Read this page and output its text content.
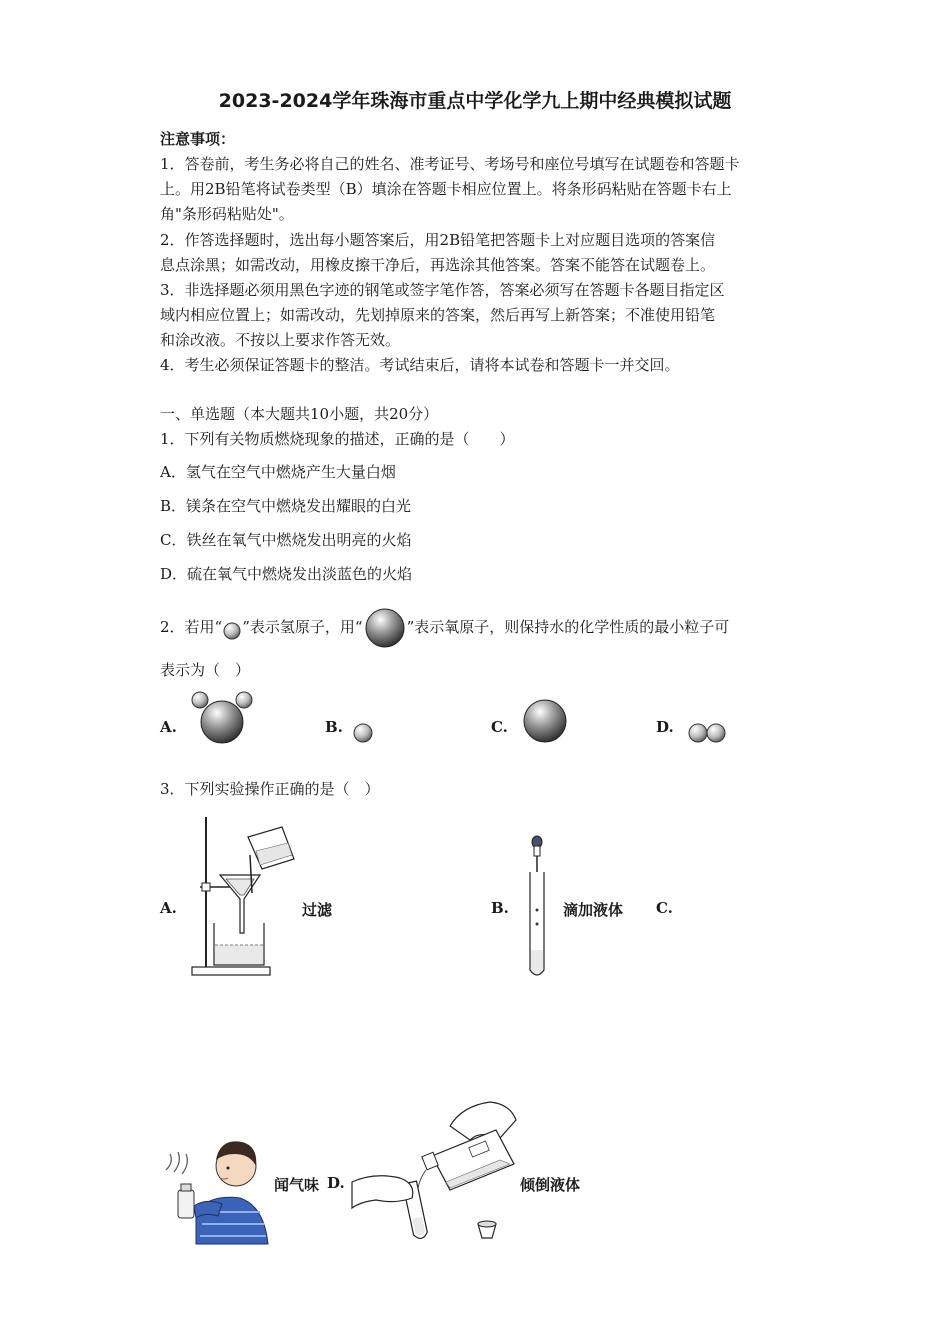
2023-2024学年珠海市重点中学化学九上期中经典模拟试题
注意事项：
1．答卷前，考生务必将自己的姓名、准考证号、考场号和座位号填写在试题卷和答题卡
上。用2B铅笔将试卷类型（B）填涂在答题卡相应位置上。将条形码粘贴在答题卡右上
角"条形码粘贴处"。
2．作答选择题时，选出每小题答案后，用2B铅笔把答题卡上对应题目选项的答案信
息点涂黑；如需改动，用橡皮擦干净后，再选涂其他答案。答案不能答在试题卷上。
3．非选择题必须用黑色字迹的钢笔或签字笔作答，答案必须写在答题卡各题目指定区
域内相应位置上；如需改动，先划掉原来的答案，然后再写上新答案；不准使用铅笔
和涂改液。不按以上要求作答无效。
4．考生必须保证答题卡的整洁。考试结束后，请将本试卷和答题卡一并交回。
一、单选题（本大题共10小题，共20分）
1．下列有关物质燃烧现象的描述，正确的是（　　）
A．氢气在空气中燃烧产生大量白烟
B．镁条在空气中燃烧发出耀眼的白光
C．铁丝在氧气中燃烧发出明亮的火焰
D．硫在氧气中燃烧发出淡蓝色的火焰
2．若用“ ”表示氢原子，用“	”表示氧原子，则保持水的化学性质的最小粒子可
表示为（　）
A.	B.	C.	D.
3．下列实验操作正确的是（　）
A.	过滤	B.	滴加液体 C.
闻气味 D.	倾倒液体
